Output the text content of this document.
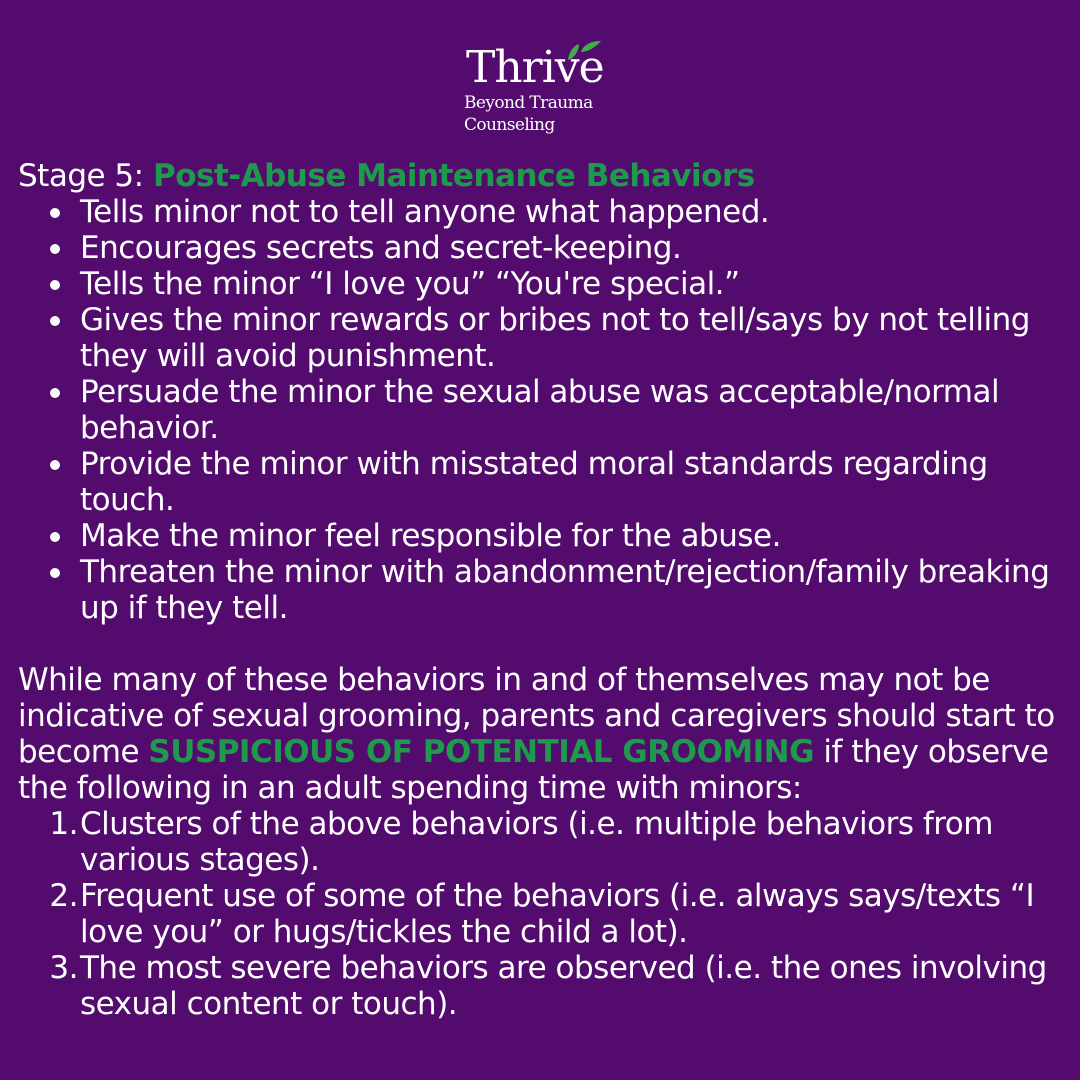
Thrive
Beyond Trauma
Counseling

Stage 5: Post-Abuse Maintenance Behaviors

Tells minor not to tell anyone what happened.
Encourages secrets and secret-keeping.
Tells the minor “I love you” “You're special.”
Gives the minor rewards or bribes not to tell/says by not telling they will avoid punishment.
Persuade the minor the sexual abuse was acceptable/normal behavior.
Provide the minor with misstated moral standards regarding touch.
Make the minor feel responsible for the abuse.
Threaten the minor with abandonment/rejection/family breaking up if they tell.

While many of these behaviors in and of themselves may not be indicative of sexual grooming, parents and caregivers should start to become SUSPICIOUS OF POTENTIAL GROOMING if they observe the following in an adult spending time with minors:

1. Clusters of the above behaviors (i.e. multiple behaviors from various stages).
2. Frequent use of some of the behaviors (i.e. always says/texts “I love you” or hugs/tickles the child a lot).
3. The most severe behaviors are observed (i.e. the ones involving sexual content or touch).
